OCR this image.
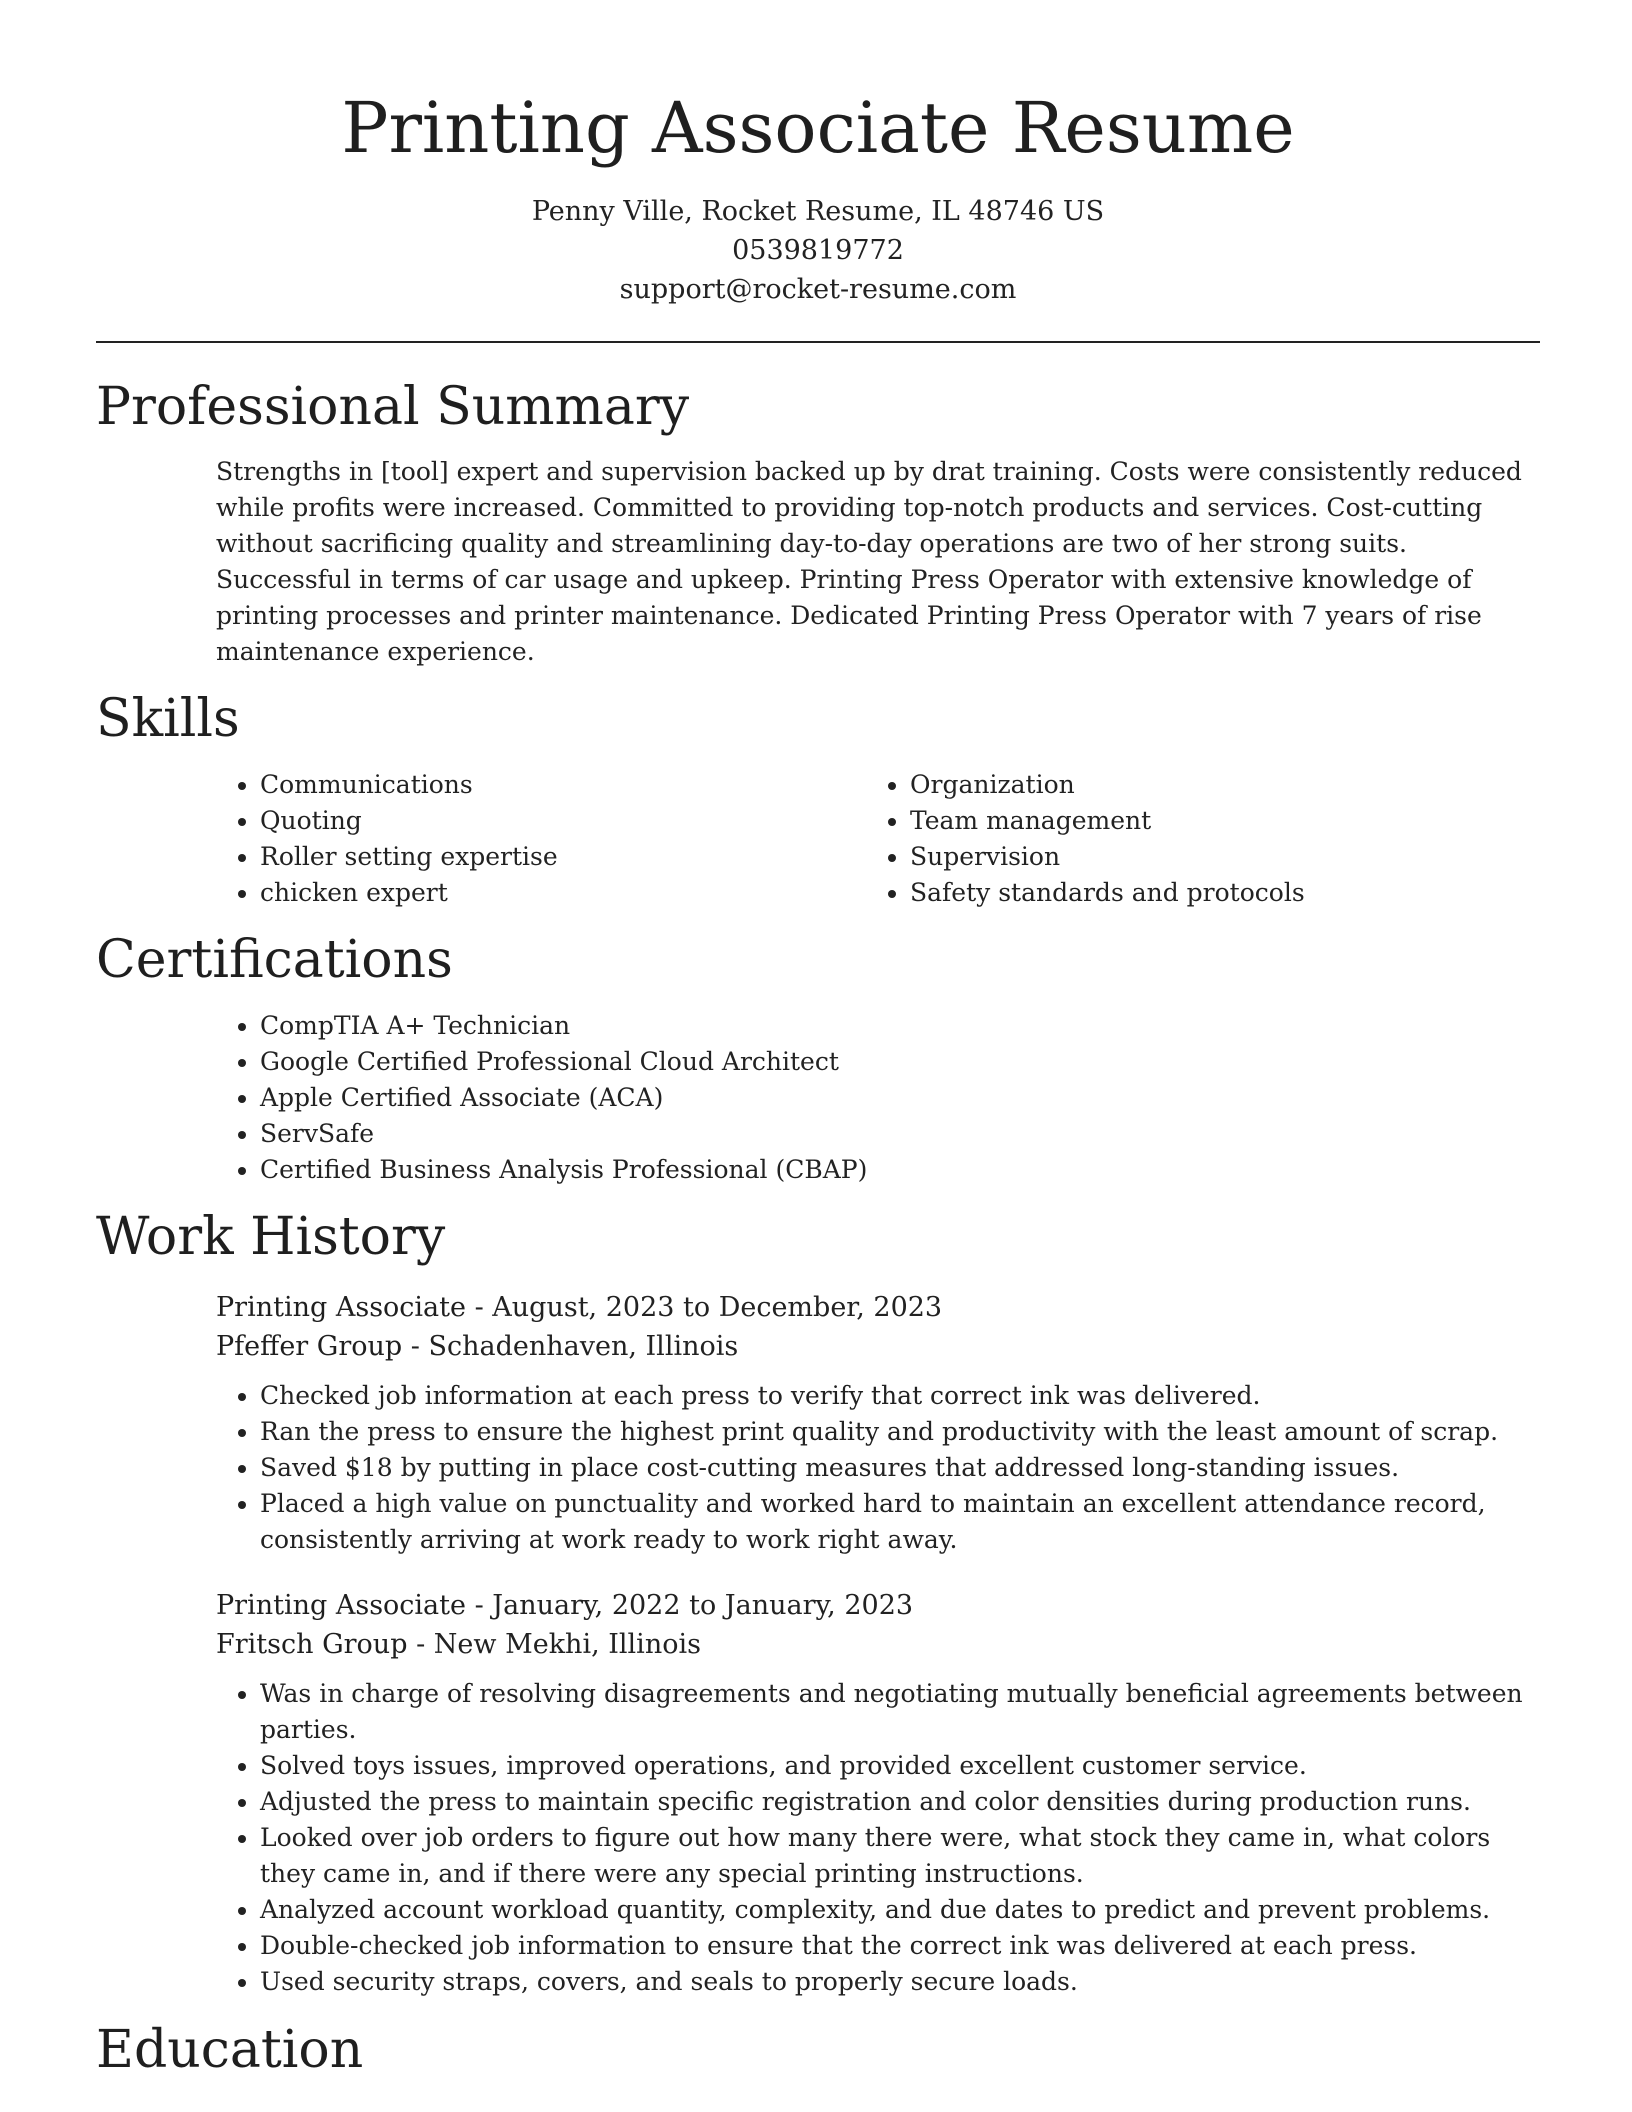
Printing Associate Resume

Penny Ville, Rocket Resume, IL 48746 US

0539819772

support@rocket-resume.com

Professional Summary

Strengths in [tool] expert and supervision backed up by drat training. Costs were consistently reduced while profits were increased. Committed to providing top-notch products and services. Cost-cutting without sacrificing quality and streamlining day-to-day operations are two of her strong suits. Successful in terms of car usage and upkeep. Printing Press Operator with extensive knowledge of printing processes and printer maintenance. Dedicated Printing Press Operator with 7 years of rise maintenance experience.

Skills
• Communications
• Quoting
• Roller setting expertise
• chicken expert
• Organization
• Team management
• Supervision
• Safety standards and protocols
Certifications
• CompTIA A+ Technician
• Google Certified Professional Cloud Architect
• Apple Certified Associate (ACA)
• ServSafe
• Certified Business Analysis Professional (CBAP)
Work History

Printing Associate - August, 2023 to December, 2023

Pfeffer Group - Schadenhaven, Illinois

• Checked job information at each press to verify that correct ink was delivered.
• Ran the press to ensure the highest print quality and productivity with the least amount of scrap.
• Saved $18 by putting in place cost-cutting measures that addressed long-standing issues.
• Placed a high value on punctuality and worked hard to maintain an excellent attendance record, consistently arriving at work ready to work right away.

Printing Associate - January, 2022 to January, 2023

Fritsch Group - New Mekhi, Illinois

• Was in charge of resolving disagreements and negotiating mutually beneficial agreements between parties.
• Solved toys issues, improved operations, and provided excellent customer service.
• Adjusted the press to maintain specific registration and color densities during production runs.
• Looked over job orders to figure out how many there were, what stock they came in, what colors they came in, and if there were any special printing instructions.
• Analyzed account workload quantity, complexity, and due dates to predict and prevent problems.
• Double-checked job information to ensure that the correct ink was delivered at each press.
• Used security straps, covers, and seals to properly secure loads.
Education
